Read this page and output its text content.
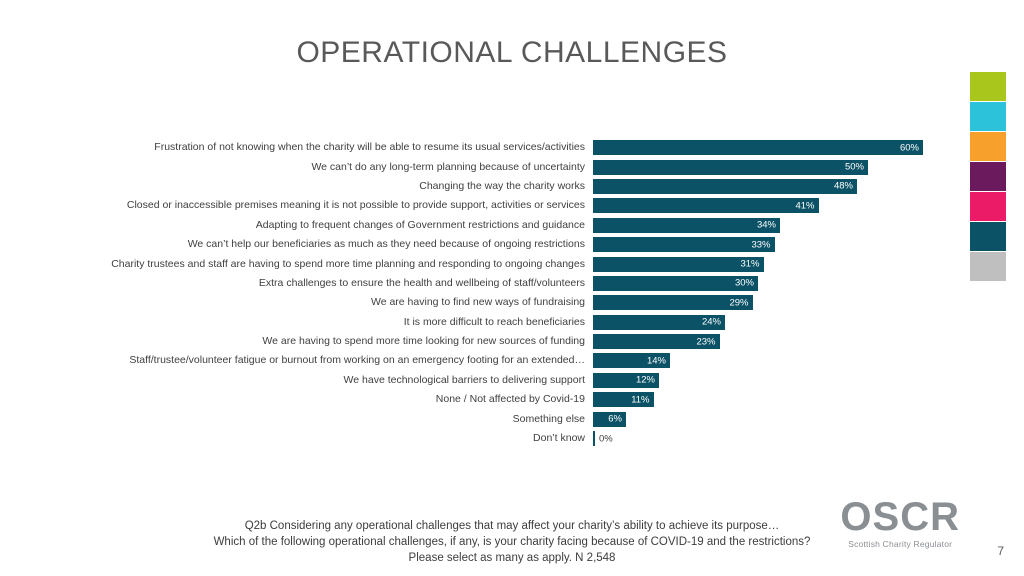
OPERATIONAL CHALLENGES
Frustration of not knowing when the charity will be able to resume its usual services/activities	60%
We can’t do any long-term planning because of uncertainty	50%
Changing the way the charity works	48%
Closed or inaccessible premises meaning it is not possible to provide support, activities or services	41%
Adapting to frequent changes of Government restrictions and guidance	34%
We can’t help our beneficiaries as much as they need because of ongoing restrictions	33%
Charity trustees and staff are having to spend more time planning and responding to ongoing changes	31%
Extra challenges to ensure the health and wellbeing of staff/volunteers	30%
We are having to find new ways of fundraising	29%
It is more difficult to reach beneficiaries	24%
We are having to spend more time looking for new sources of funding	23%
Staff/trustee/volunteer fatigue or burnout from working on an emergency footing for an extended…	14%
We have technological barriers to delivering support	12%
None / Not affected by Covid-19	11%
Something else	6%
Don’t know	0%
Q2b Considering any operational challenges that may affect your charity’s ability to achieve its purpose…
Which of the following operational challenges, if any, is your charity facing because of COVID-19 and the restrictions?
Please select as many as apply. N 2,548
OSCR
Scottish Charity Regulator
7
